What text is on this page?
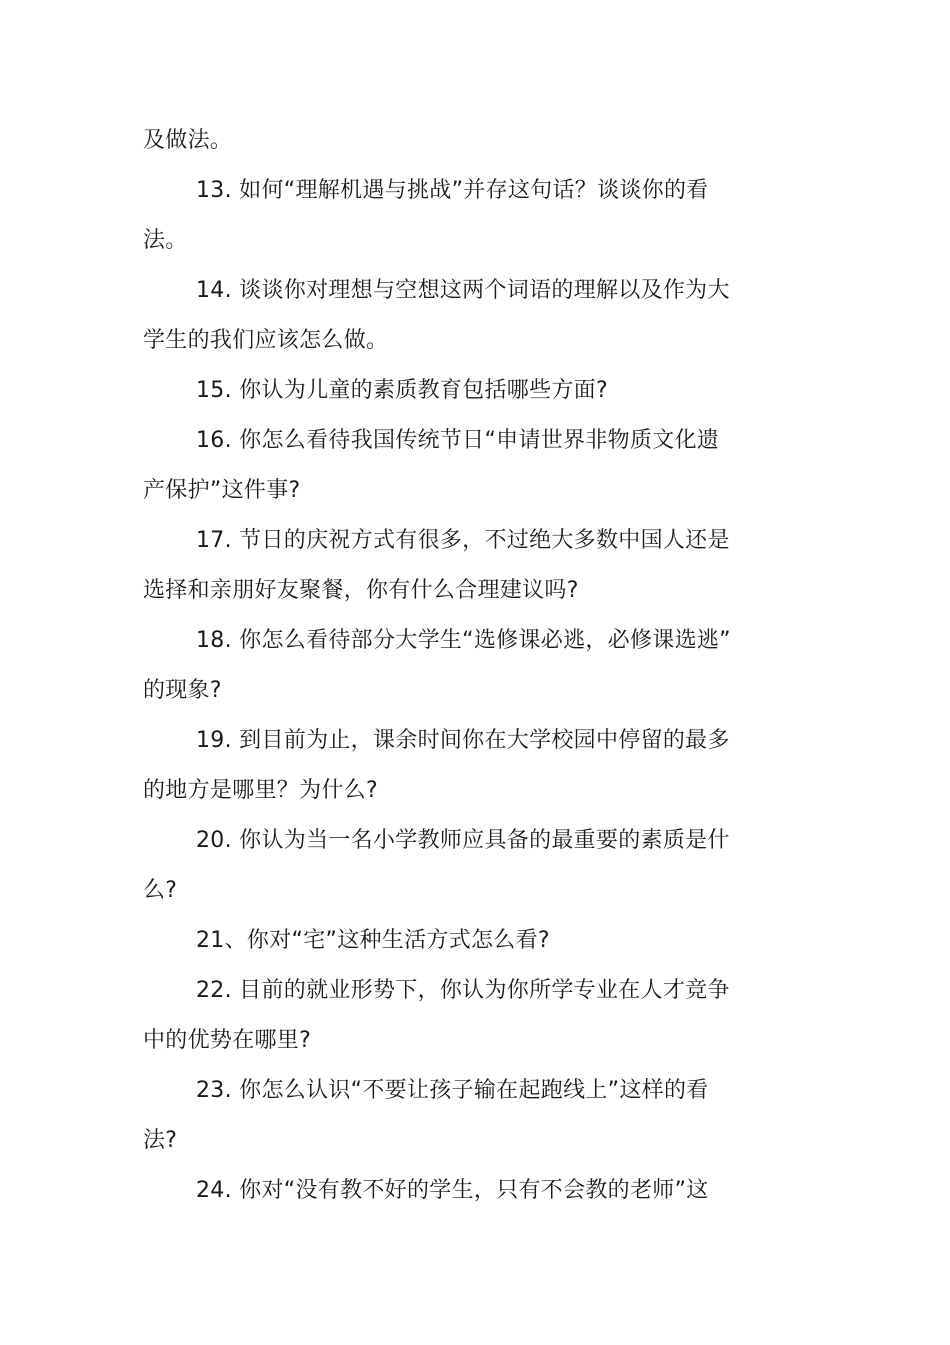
及做法。
13. 如何“理解机遇与挑战”并存这句话？谈谈你的看
法。
14. 谈谈你对理想与空想这两个词语的理解以及作为大
学生的我们应该怎么做。
15. 你认为儿童的素质教育包括哪些方面?
16. 你怎么看待我国传统节日“申请世界非物质文化遗
产保护”这件事?
17. 节日的庆祝方式有很多，不过绝大多数中国人还是
选择和亲朋好友聚餐，你有什么合理建议吗?
18. 你怎么看待部分大学生“选修课必逃，必修课选逃”
的现象?
19. 到目前为止，课余时间你在大学校园中停留的最多
的地方是哪里？为什么?
20. 你认为当一名小学教师应具备的最重要的素质是什
么?
21、你对“宅”这种生活方式怎么看?
22. 目前的就业形势下，你认为你所学专业在人才竞争
中的优势在哪里?
23. 你怎么认识“不要让孩子输在起跑线上”这样的看
法?
24. 你对“没有教不好的学生，只有不会教的老师”这
